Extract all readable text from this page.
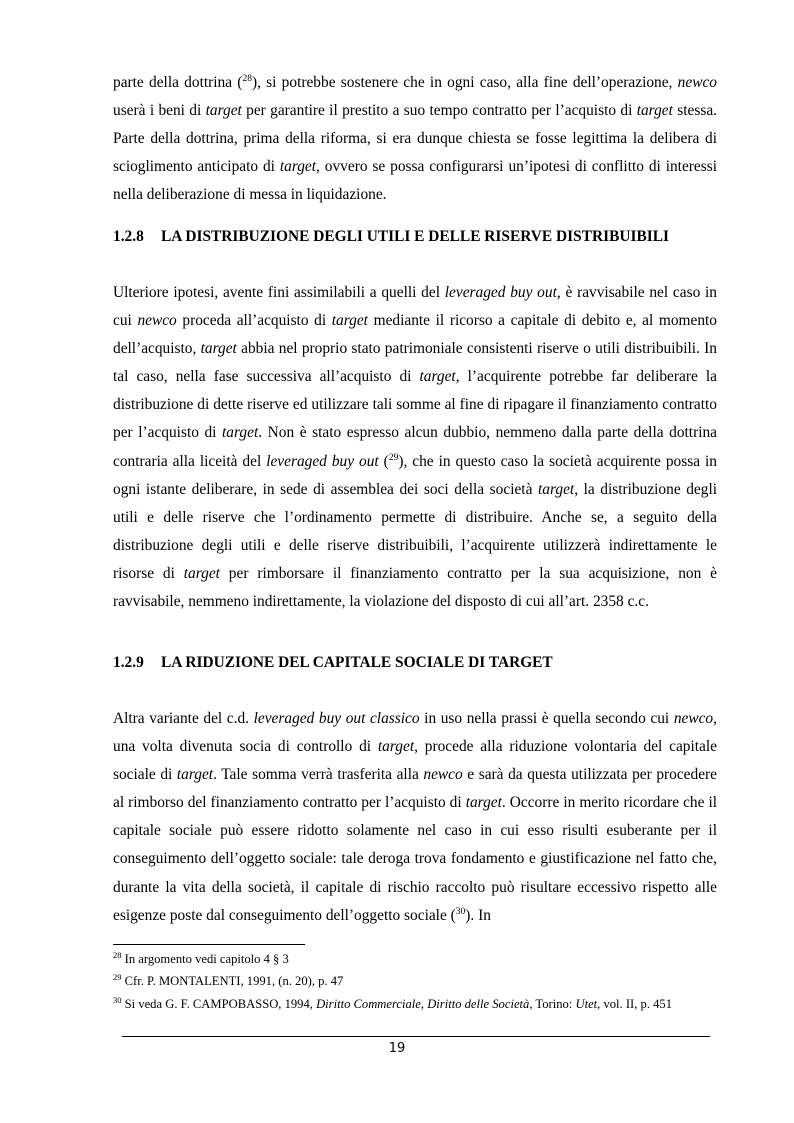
parte della dottrina ($^{28}$), si potrebbe sostenere che in ogni caso, alla fine dell’operazione, newco userà i beni di target per garantire il prestito a suo tempo contratto per l’acquisto di target stessa. Parte della dottrina, prima della riforma, si era dunque chiesta se fosse legittima la delibera di scioglimento anticipato di target, ovvero se possa configurarsi un’ipotesi di conflitto di interessi nella deliberazione di messa in liquidazione.

1.2.8 LA DISTRIBUZIONE DEGLI UTILI E DELLE RISERVE DISTRIBUIBILI

Ulteriore ipotesi, avente fini assimilabili a quelli del leveraged buy out, è ravvisabile nel caso in cui newco proceda all’acquisto di target mediante il ricorso a capitale di debito e, al momento dell’acquisto, target abbia nel proprio stato patrimoniale consistenti riserve o utili distribuibili. In tal caso, nella fase successiva all’acquisto di target, l’acquirente potrebbe far deliberare la distribuzione di dette riserve ed utilizzare tali somme al fine di ripagare il finanziamento contratto per l’acquisto di target. Non è stato espresso alcun dubbio, nemmeno dalla parte della dottrina contraria alla liceità del leveraged buy out ($^{29}$), che in questo caso la società acquirente possa in ogni istante deliberare, in sede di assemblea dei soci della società target, la distribuzione degli utili e delle riserve che l’ordinamento permette di distribuire. Anche se, a seguito della distribuzione degli utili e delle riserve distribuibili, l’acquirente utilizzerà indirettamente le risorse di target per rimborsare il finanziamento contratto per la sua acquisizione, non è ravvisabile, nemmeno indirettamente, la violazione del disposto di cui all’art. 2358 c.c.

1.2.9 LA RIDUZIONE DEL CAPITALE SOCIALE DI TARGET

Altra variante del c.d. leveraged buy out classico in uso nella prassi è quella secondo cui newco, una volta divenuta socia di controllo di target, procede alla riduzione volontaria del capitale sociale di target. Tale somma verrà trasferita alla newco e sarà da questa utilizzata per procedere al rimborso del finanziamento contratto per l’acquisto di target. Occorre in merito ricordare che il capitale sociale può essere ridotto solamente nel caso in cui esso risulti esuberante per il conseguimento dell’oggetto sociale: tale deroga trova fondamento e giustificazione nel fatto che, durante la vita della società, il capitale di rischio raccolto può risultare eccessivo rispetto alle esigenze poste dal conseguimento dell’oggetto sociale ($^{30}$). In

$^{28}$ In argomento vedi capitolo 4 § 3

$^{29}$ Cfr. P. MONTALENTI, 1991, (n. 20), p. 47

$^{30}$ Si veda G. F. CAMPOBASSO, 1994, Diritto Commerciale, Diritto delle Società, Torino: Utet, vol. II, p. 451

19
